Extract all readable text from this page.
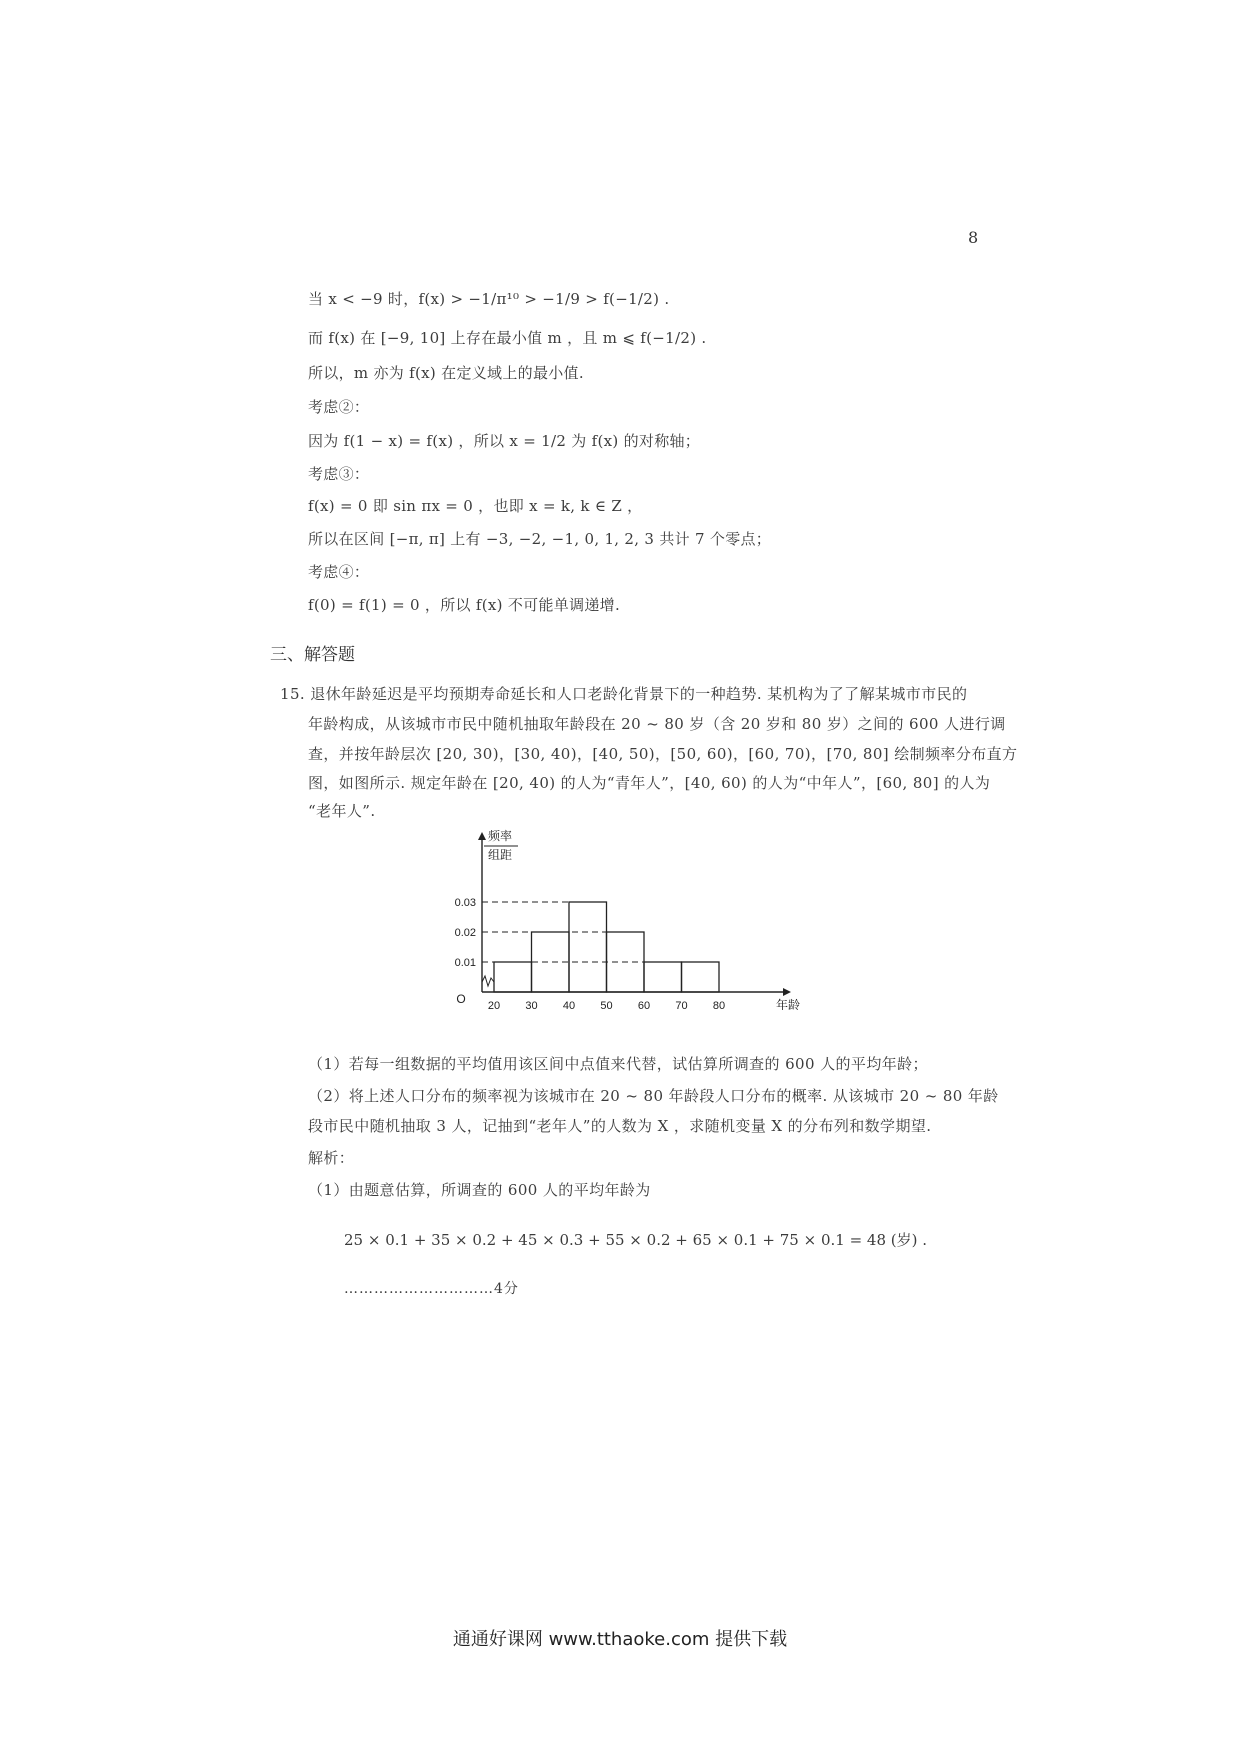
8
当 x < −9 时，f(x) > −1/π¹⁰ > −1/9 > f(−1/2) .
而 f(x) 在 [−9, 10] 上存在最小值 m ，且 m ⩽ f(−1/2) .
所以，m 亦为 f(x) 在定义域上的最小值.
考虑②：
因为 f(1 − x) = f(x) ，所以 x = 1/2 为 f(x) 的对称轴；
考虑③：
f(x) = 0 即 sin πx = 0 ，也即 x = k, k ∈ Z ，
所以在区间 [−π, π] 上有 −3, −2, −1, 0, 1, 2, 3 共计 7 个零点；
考虑④：
f(0) = f(1) = 0 ，所以 f(x) 不可能单调递增.
三、解答题
15. 退休年龄延迟是平均预期寿命延长和人口老龄化背景下的一种趋势. 某机构为了了解某城市市民的
年龄构成，从该城市市民中随机抽取年龄段在 20 ~ 80 岁（含 20 岁和 80 岁）之间的 600 人进行调
查，并按年龄层次 [20, 30)，[30, 40)，[40, 50)，[50, 60)，[60, 70)，[70, 80] 绘制频率分布直方
图，如图所示. 规定年龄在 [20, 40) 的人为“青年人”，[40, 60) 的人为“中年人”，[60, 80] 的人为
“老年人”.
0.01
0.02
0.03
20 30 40 50 60 70 80
O
频率
组距
年龄
（1）若每一组数据的平均值用该区间中点值来代替，试估算所调查的 600 人的平均年龄；
（2）将上述人口分布的频率视为该城市在 20 ~ 80 年龄段人口分布的概率. 从该城市 20 ~ 80 年龄
段市民中随机抽取 3 人，记抽到“老年人”的人数为 X ，求随机变量 X 的分布列和数学期望.
解析：
（1）由题意估算，所调查的 600 人的平均年龄为
25 × 0.1 + 35 × 0.2 + 45 × 0.3 + 55 × 0.2 + 65 × 0.1 + 75 × 0.1 = 48 (岁) .
…………………………4分
通通好课网 www.tthaoke.com 提供下载
